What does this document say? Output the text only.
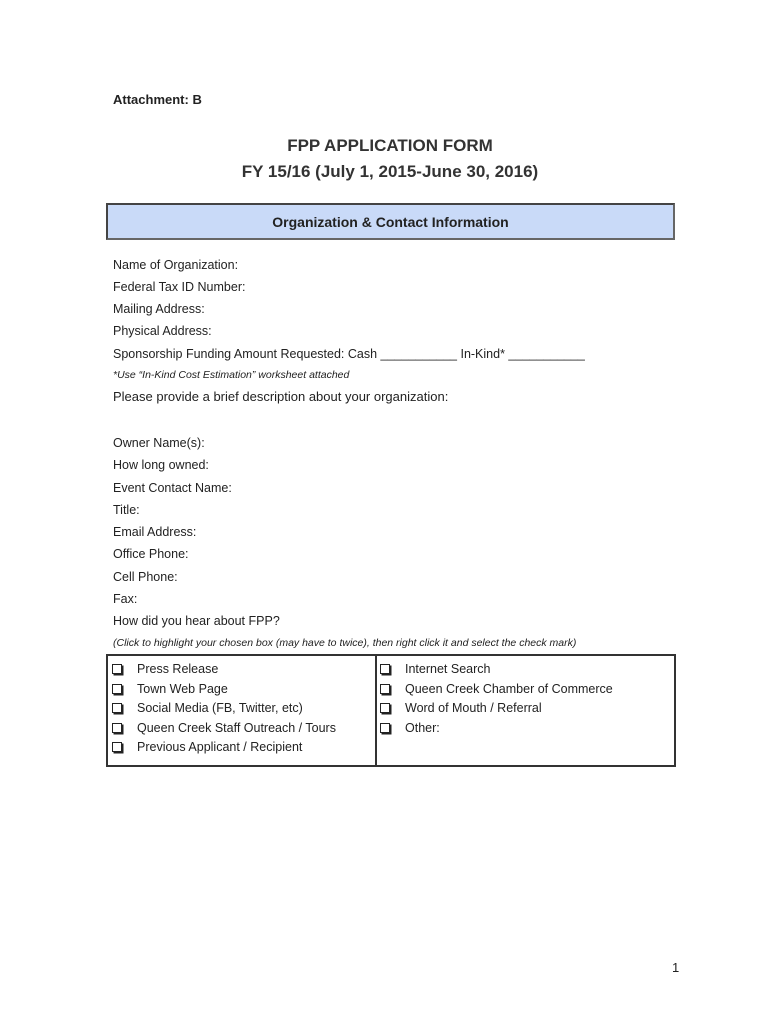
Attachment: B
FPP APPLICATION FORM
FY 15/16 (July 1, 2015-June 30, 2016)
Organization & Contact Information
Name of Organization:
Federal Tax ID Number:
Mailing Address:
Physical Address:
Sponsorship Funding Amount Requested: Cash ___________ In-Kind* ___________
*Use “In-Kind Cost Estimation” worksheet attached
Please provide a brief description about your organization:
Owner Name(s):
How long owned:
Event Contact Name:
Title:
Email Address:
Office Phone:
Cell Phone:
Fax:
How did you hear about FPP?
(Click to highlight your chosen box (may have to twice), then right click it and select the check mark)
Press Release
Town Web Page
Social Media (FB, Twitter, etc)
Queen Creek Staff Outreach / Tours
Previous Applicant / Recipient
Internet Search
Queen Creek Chamber of Commerce
Word of Mouth / Referral
Other:
1
